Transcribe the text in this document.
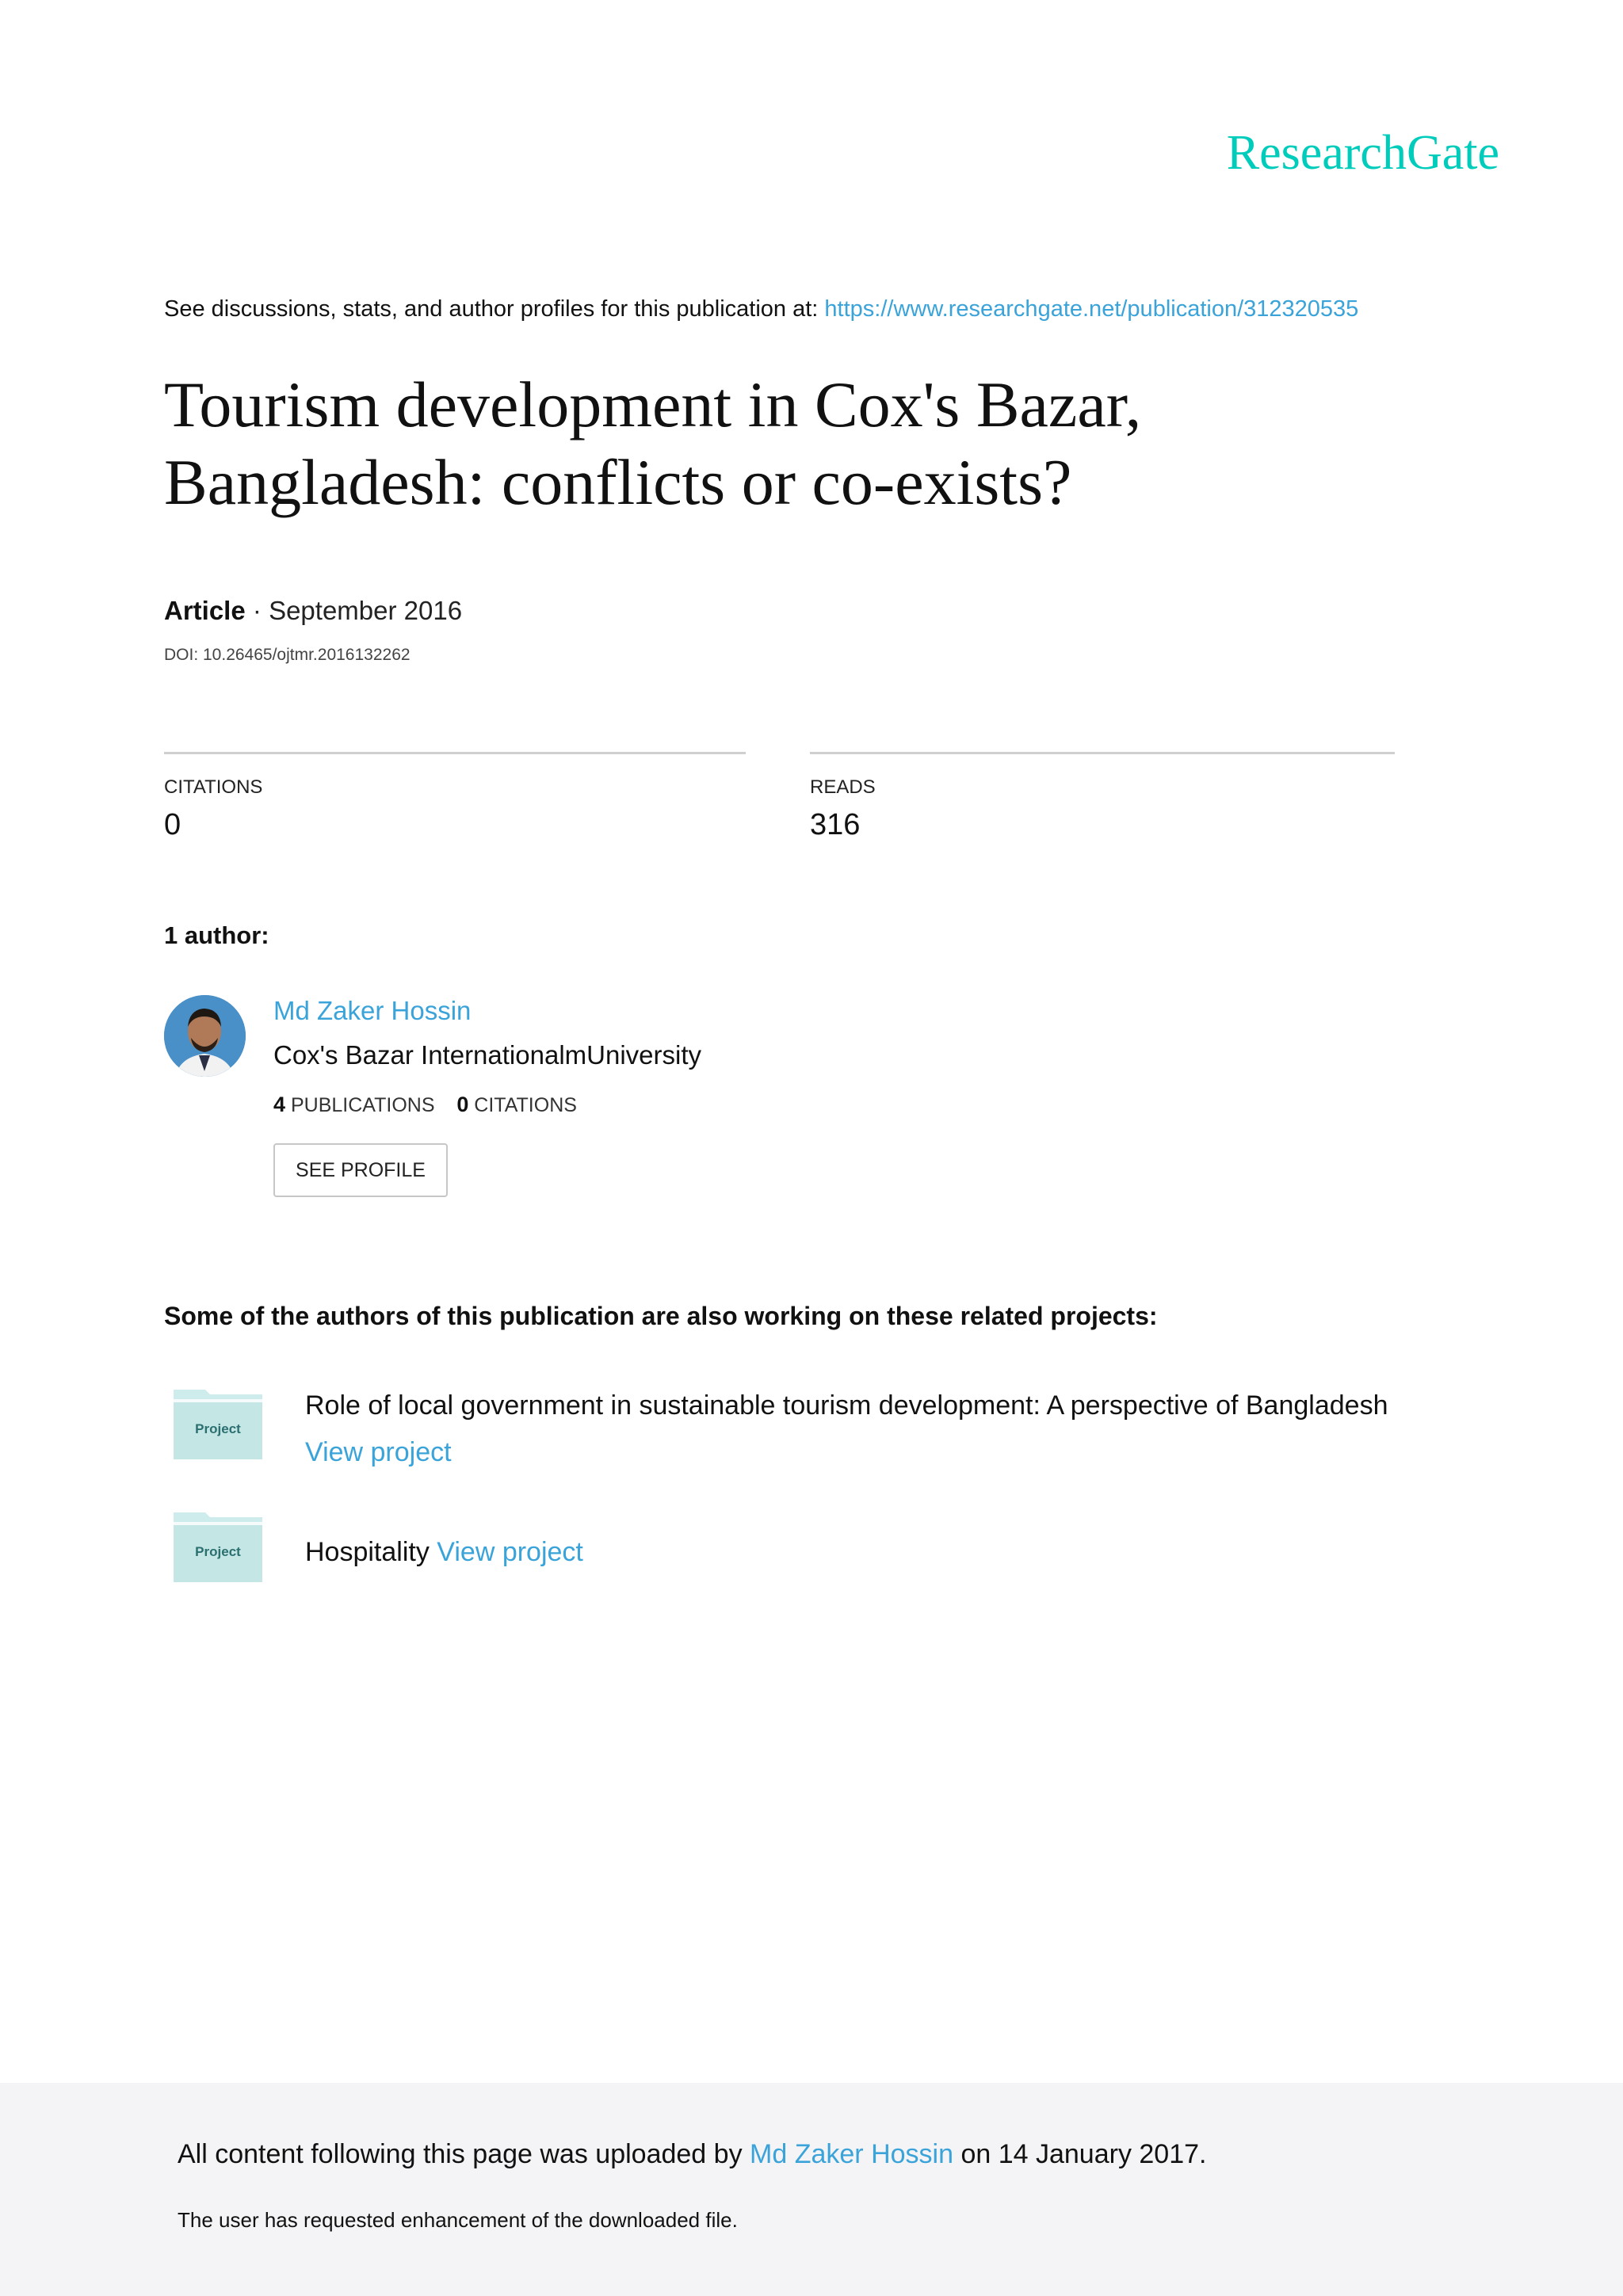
ResearchGate
See discussions, stats, and author profiles for this publication at: https://www.researchgate.net/publication/312320535
Tourism development in Cox's Bazar, Bangladesh: conflicts or co-exists?
Article · September 2016
DOI: 10.26465/ojtmr.2016132262
CITATIONS
0
READS
316
1 author:
Md Zaker Hossin
Cox's Bazar InternationalmUniversity
4 PUBLICATIONS 0 CITATIONS
SEE PROFILE
Some of the authors of this publication are also working on these related projects:
Project
Role of local government in sustainable tourism development: A perspective of Bangladesh View project
Project	Hospitality View project
All content following this page was uploaded by Md Zaker Hossin on 14 January 2017.
The user has requested enhancement of the downloaded file.
